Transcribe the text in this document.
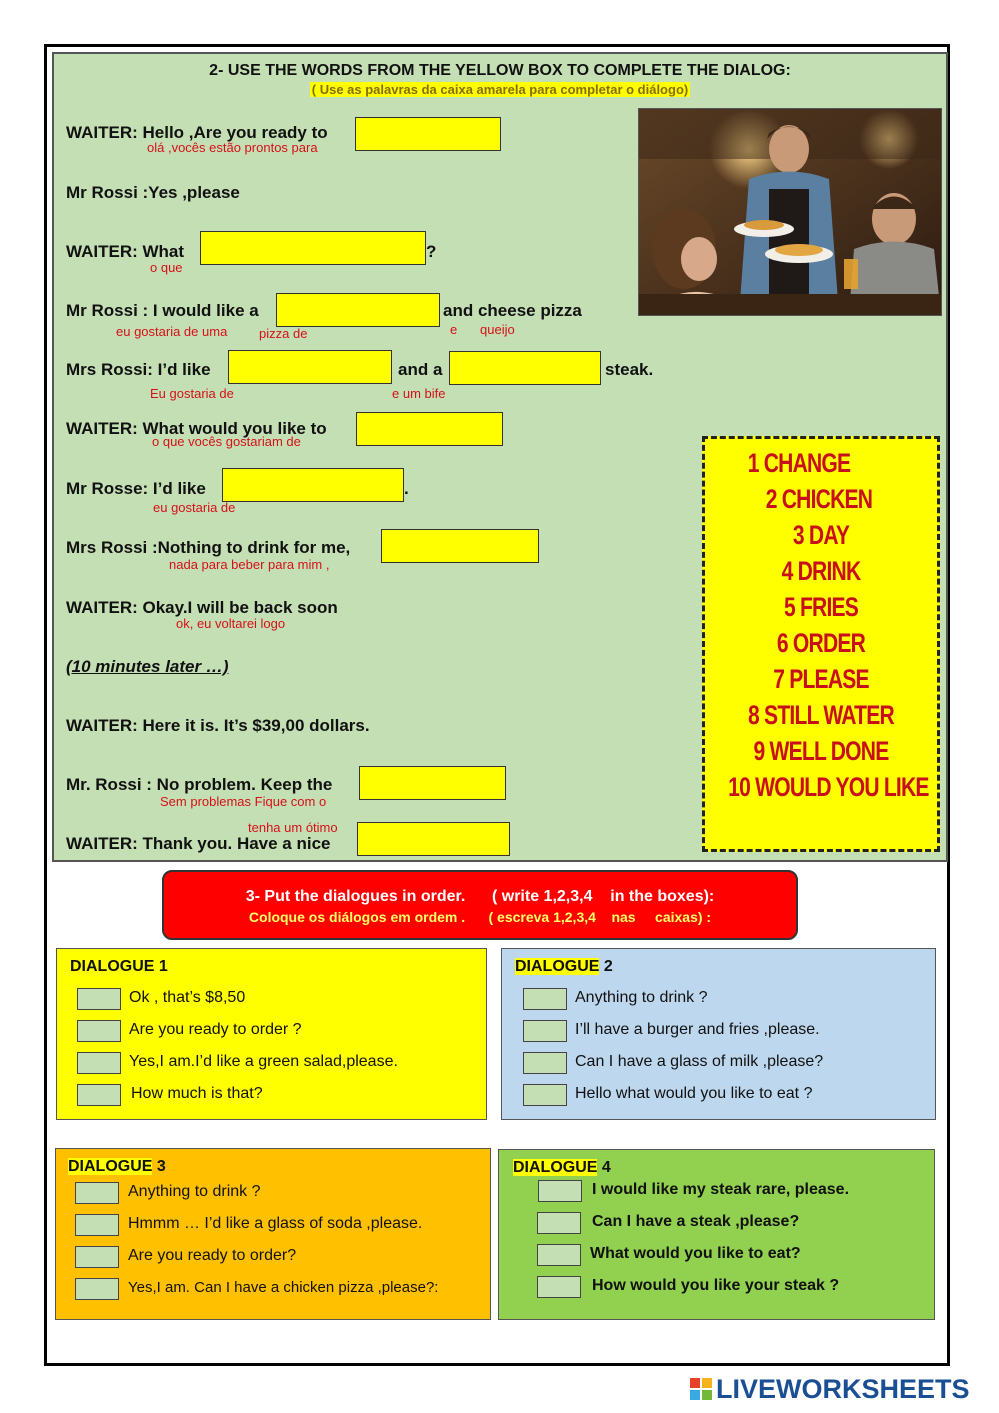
2- USE THE WORDS FROM THE YELLOW BOX TO COMPLETE THE DIALOG:
( Use as palavras da caixa amarela para completar o diálogo)
WAITER: Hello ,Are you ready to
olá ,vocês estão prontos para
Mr Rossi :Yes ,please
WAITER: What	?
o que
Mr Rossi : I would like a	and cheese pizza
eu gostaria de uma pizza de	e queijo
Mrs Rossi: I’d like	and a	steak.
Eu gostaria de	e um bife
WAITER: What would you like to
o que vocês gostariam de
Mr Rosse: I’d like	.
eu gostaria de
Mrs Rossi :Nothing to drink for me,
nada para beber para mim ,
WAITER: Okay.I will be back soon
ok, eu voltarei logo
(10 minutes later …)
WAITER: Here it is. It’s $39,00 dollars.
Mr. Rossi : No problem. Keep the
Sem problemas Fique com o
tenha um ótimo
WAITER: Thank you. Have a nice
1 CHANGE
2 CHICKEN
3 DAY
4 DRINK
5 FRIES
6 ORDER
7 PLEASE
8 STILL WATER
9 WELL DONE
10 WOULD YOU LIKE
3- Put the dialogues in order.      ( write 1,2,3,4    in the boxes):
Coloque os diálogos em ordem .      ( escreva 1,2,3,4    nas     caixas) :
DIALOGUE 1
Ok , that’s $8,50
Are you ready to order ?
Yes,I am.I’d like a green salad,please.
How much is that?
DIALOGUE 2
Anything to drink ?
I’ll have a burger and fries ,please.
Can I have a glass of milk ,please?
Hello what would you like to eat ?
DIALOGUE 3
Anything to drink ?
Hmmm … I’d like a glass of soda ,please.
Are you ready to order?
Yes,I am. Can I have a chicken pizza ,please?:
DIALOGUE 4
I would like my steak rare, please.
Can I have a steak ,please?
What would you like to eat?
How would you like your steak ?
LIVEWORKSHEETS
